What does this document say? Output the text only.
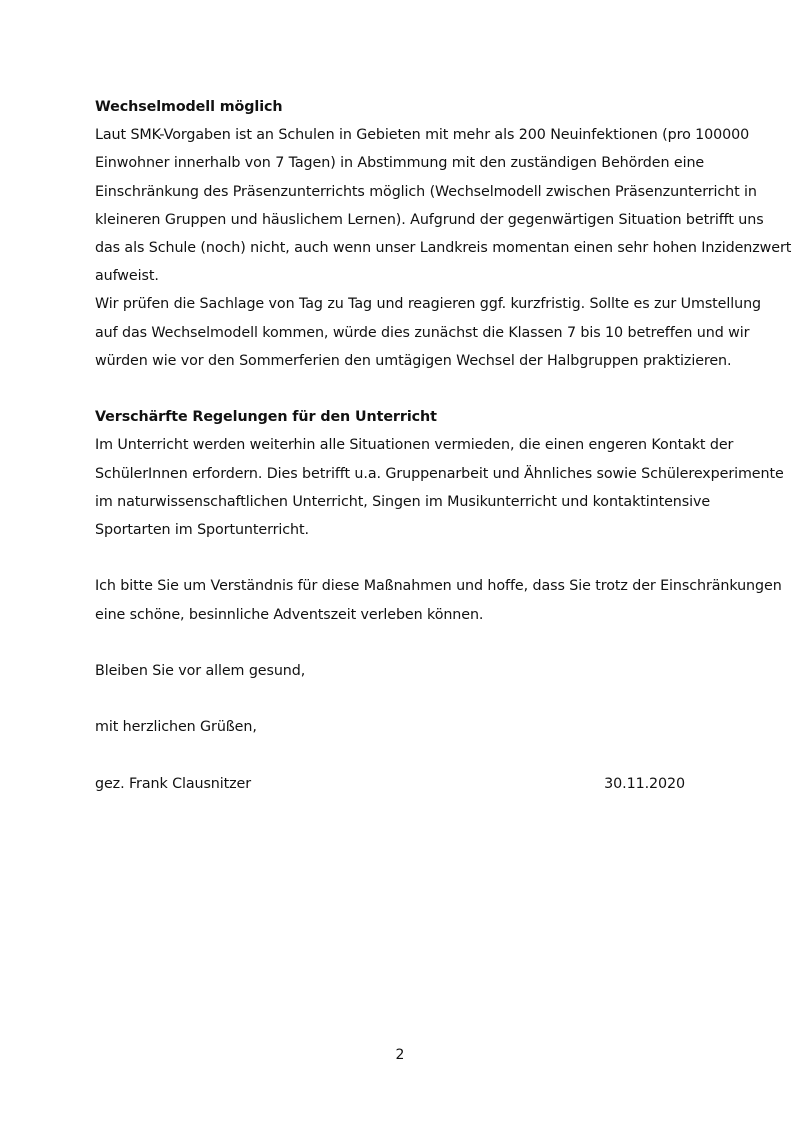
Wechselmodell möglich

Laut SMK-Vorgaben ist an Schulen in Gebieten mit mehr als 200 Neuinfektionen (pro 100000
Einwohner innerhalb von 7 Tagen) in Abstimmung mit den zuständigen Behörden eine
Einschränkung des Präsenzunterrichts möglich (Wechselmodell zwischen Präsenzunterricht in
kleineren Gruppen und häuslichem Lernen). Aufgrund der gegenwärtigen Situation betrifft uns
das als Schule (noch) nicht, auch wenn unser Landkreis momentan einen sehr hohen Inzidenzwert
aufweist.

Wir prüfen die Sachlage von Tag zu Tag und reagieren ggf. kurzfristig. Sollte es zur Umstellung
auf das Wechselmodell kommen, würde dies zunächst die Klassen 7 bis 10 betreffen und wir
würden wie vor den Sommerferien den umtägigen Wechsel der Halbgruppen praktizieren.

Verschärfte Regelungen für den Unterricht

Im Unterricht werden weiterhin alle Situationen vermieden, die einen engeren Kontakt der
SchülerInnen erfordern. Dies betrifft u.a. Gruppenarbeit und Ähnliches sowie Schülerexperimente
im naturwissenschaftlichen Unterricht, Singen im Musikunterricht und kontaktintensive
Sportarten im Sportunterricht.

Ich bitte Sie um Verständnis für diese Maßnahmen und hoffe, dass Sie trotz der Einschränkungen
eine schöne, besinnliche Adventszeit verleben können.

Bleiben Sie vor allem gesund,

mit herzlichen Grüßen,

gez. Frank Clausnitzer	30.11.2020
2
